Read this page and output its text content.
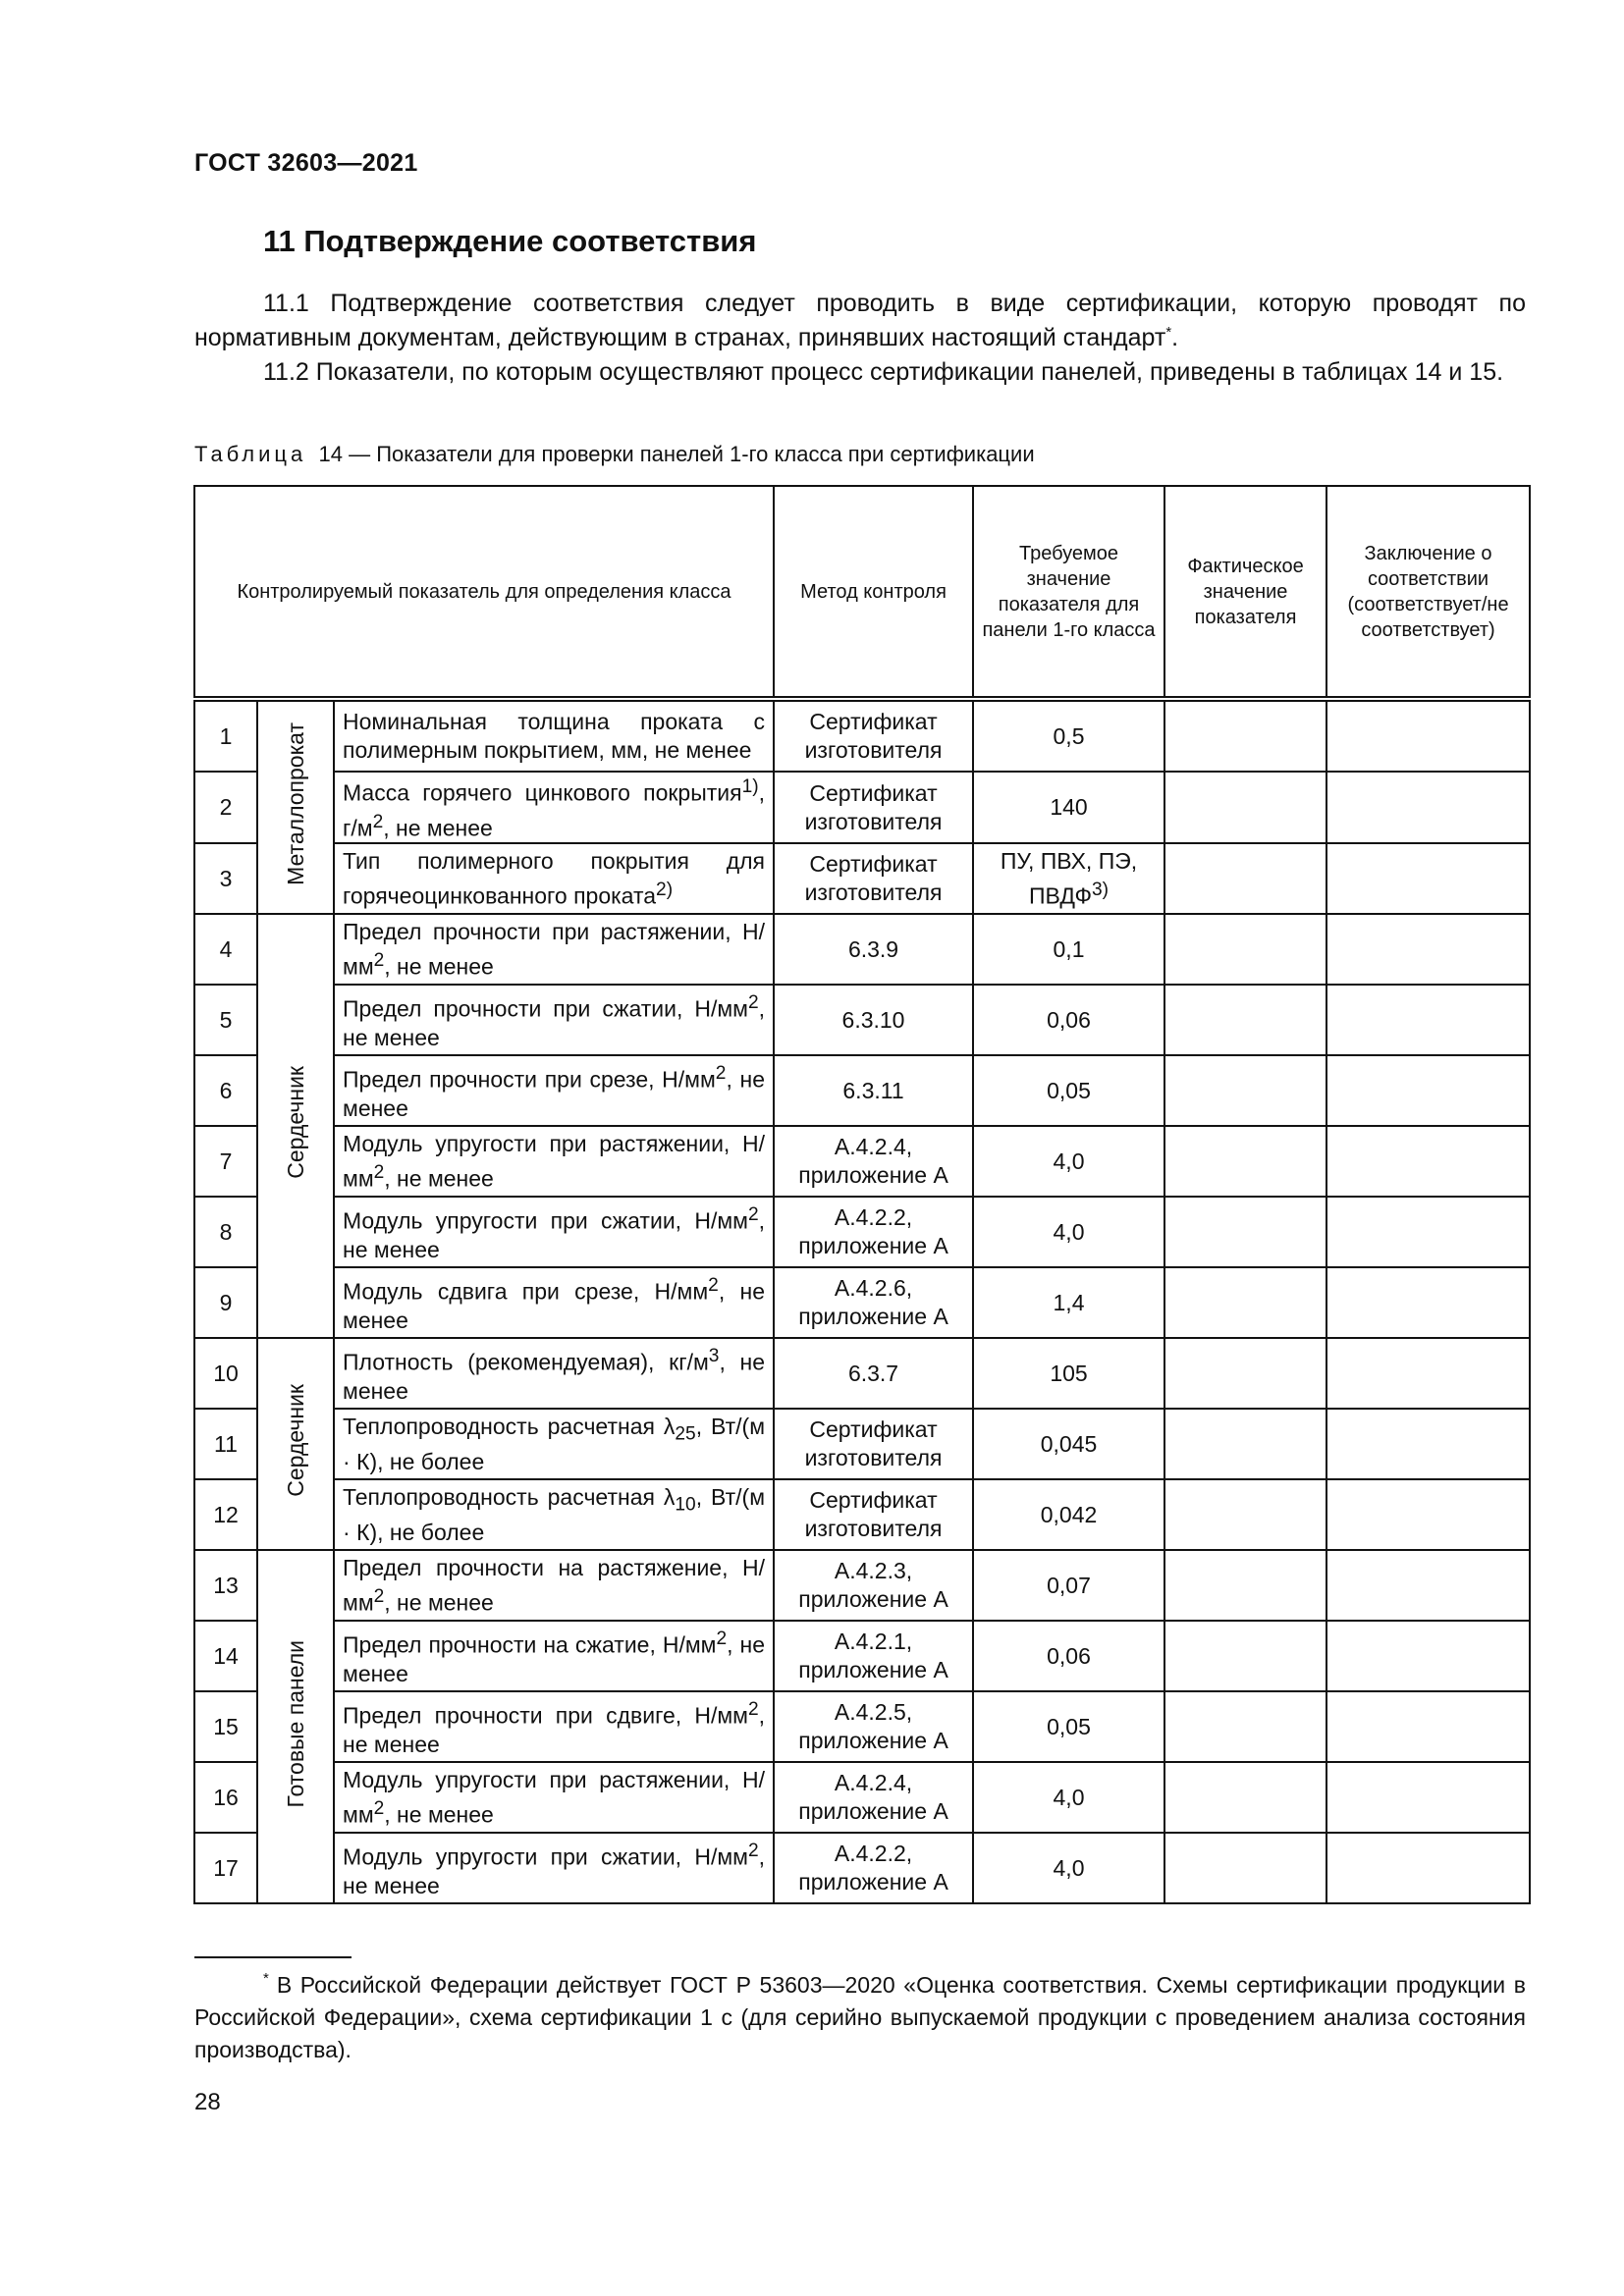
ГОСТ 32603—2021
11 Подтверждение соответствия
11.1 Подтверждение соответствия следует проводить в виде сертификации, которую проводят по нормативным документам, действующим в странах, принявших настоящий стандарт*.
11.2 Показатели, по которым осуществляют процесс сертификации панелей, приведены в таблицах 14 и 15.
Таблица 14 — Показатели для проверки панелей 1-го класса при сертификации
Контролируемый показатель для определения класса			Метод контроля	Требуемое значение показателя для панели 1-го класса	Фактическое значение показателя	Заключение о соответствии (соответствует/не соответствует)

1	Металлопрокат	Номинальная толщина проката с полимерным покрытием, мм, не менее	Сертификат изготовителя	0,5		
2		Масса горячего цинкового покрытия$^{1)}$, $г/м^2$, не менее	Сертификат изготовителя	140		
3		Тип полимерного покрытия для горячеоцинкованного проката$^{2)}$	Сертификат изготовителя	ПУ, ПВХ, ПЭ, ПВДФ$^{3)}$		
4	Сердечник	Предел прочности при растяжении, $Н/мм^2$, не менее	6.3.9	0,1		
5		Предел прочности при сжатии, $Н/мм^2$, не менее	6.3.10	0,06		
6		Предел прочности при срезе, $Н/мм^2$, не менее	6.3.11	0,05		
7		Модуль упругости при растяжении, $Н/мм^2$, не менее	А.4.2.4, приложение А	4,0		
8		Модуль упругости при сжатии, $Н/мм^2$, не менее	А.4.2.2, приложение А	4,0		
9		Модуль сдвига при срезе, $Н/мм^2$, не менее	А.4.2.6, приложение А	1,4		
10	Сердечник	Плотность (рекомендуемая), $кг/м^3$, не менее	6.3.7	105		
11		Теплопроводность расчетная $\lambda_{25}$, Вт/(м · К), не более	Сертификат изготовителя	0,045		
12		Теплопроводность расчетная $\lambda_{10}$, Вт/(м · К), не более	Сертификат изготовителя	0,042		
13	Готовые панели	Предел прочности на растяжение, $Н/мм^2$, не менее	А.4.2.3, приложение А	0,07		
14		Предел прочности на сжатие, $Н/мм^2$, не менее	А.4.2.1, приложение А	0,06		
15		Предел прочности при сдвиге, $Н/мм^2$, не менее	А.4.2.5, приложение А	0,05		
16		Модуль упругости при растяжении, $Н/мм^2$, не менее	А.4.2.4, приложение А	4,0		
17		Модуль упругости при сжатии, $Н/мм^2$, не менее	А.4.2.2, приложение А	4,0		
* В Российской Федерации действует ГОСТ Р 53603—2020 «Оценка соответствия. Схемы сертификации продукции в Российской Федерации», схема сертификации 1 с (для серийно выпускаемой продукции с проведением анализа состояния производства).
28
